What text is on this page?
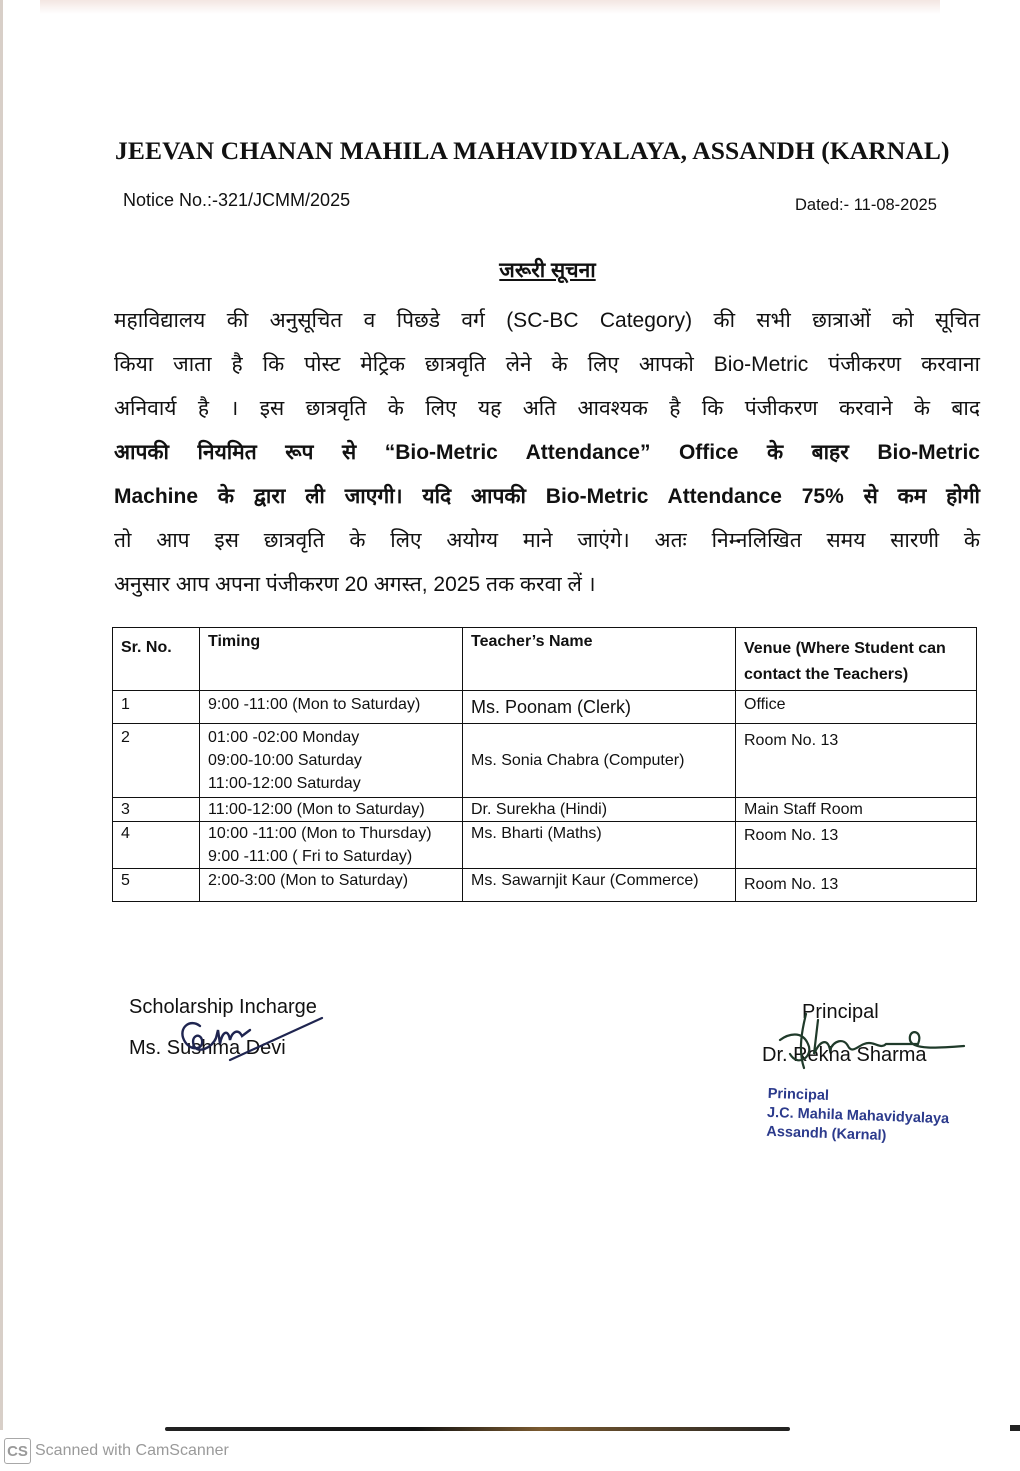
JEEVAN CHANAN MAHILA MAHAVIDYALAYA, ASSANDH (KARNAL)
Notice No.:-321/JCMM/2025	Dated:- 11-08-2025
जरूरी सूचना
महाविद्यालय की अनुसूचित व पिछडे वर्ग (SC-BC Category) की सभी छात्राओं को सूचित
किया जाता है कि पोस्ट मेट्रिक छात्रवृति लेने के लिए आपको Bio-Metric पंजीकरण करवाना
अनिवार्य है । इस छात्रवृति के लिए यह अति आवश्यक है कि पंजीकरण करवाने के बाद
आपकी नियमित रूप से “Bio-Metric Attendance” Office के बाहर Bio-Metric
Machine के द्वारा ली जाएगी। यदि आपकी Bio-Metric Attendance 75% से कम होगी
तो आप इस छात्रवृति के लिए अयोग्य माने जाएंगे। अतः निम्नलिखित समय सारणी के
अनुसार आप अपना पंजीकरण 20 अगस्त, 2025 तक करवा लें ।
Sr. No.	Timing	Teacher’s Name	Venue (Where Student can contact the Teachers)
1	9:00 -11:00 (Mon to Saturday)	Ms. Poonam (Clerk)	Office
2	01:00 -02:00 Monday
09:00-10:00 Saturday
11:00-12:00 Saturday	Ms. Sonia Chabra (Computer)	Room No. 13
3	11:00-12:00 (Mon to Saturday)	Dr. Surekha (Hindi)	Main Staff Room
4	10:00 -11:00 (Mon to Thursday)
9:00 -11:00 ( Fri to Saturday)	Ms. Bharti (Maths)	Room No. 13
5	2:00-3:00 (Mon to Saturday)	Ms. Sawarnjit Kaur (Commerce)	Room No. 13
Scholarship Incharge
Ms. Sushma Devi
Principal
Dr. Rekha Sharma
Principal
J.C. Mahila Mahavidyalaya
Assandh (Karnal)
CS Scanned with CamScanner
